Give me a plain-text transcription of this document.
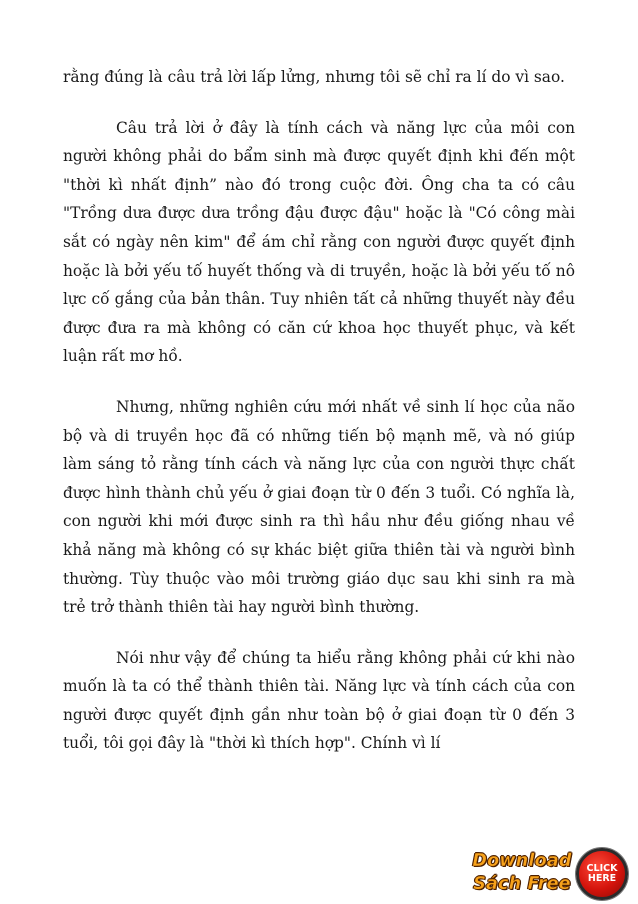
rằng đúng là câu trả lời lấp lửng, nhưng tôi sẽ chỉ ra lí do vì sao.

Câu trả lời ở đây là tính cách và năng lực của môi con người không phải do bẩm sinh mà được quyết định khi đến một "thời kì nhất định” nào đó trong cuộc đời. Ông cha ta có câu "Trồng dưa được dưa trồng đậu được đậu" hoặc là "Có công mài sắt có ngày nên kim" để ám chỉ rằng con người được quyết định hoặc là bởi yếu tố huyết thống và di truyền, hoặc là bởi yếu tố nô lực cố gắng của bản thân. Tuy nhiên tất cả những thuyết này đều được đưa ra mà không có căn cứ khoa học thuyết phục, và kết luận rất mơ hồ.

Nhưng, những nghiên cứu mới nhất về sinh lí học của não bộ và di truyền học đã có những tiến bộ mạnh mẽ, và nó giúp làm sáng tỏ rằng tính cách và năng lực của con người thực chất được hình thành chủ yếu ở giai đoạn từ 0 đến 3 tuổi. Có nghĩa là, con người khi mới được sinh ra thì hầu như đều giống nhau về khả năng mà không có sự khác biệt giữa thiên tài và người bình thường. Tùy thuộc vào môi trường giáo dục sau khi sinh ra mà trẻ trở thành thiên tài hay người bình thường.

Nói như vậy để chúng ta hiểu rằng không phải cứ khi nào muốn là ta có thể thành thiên tài. Năng lực và tính cách của con người được quyết định gần như toàn bộ ở giai đoạn từ 0 đến 3 tuổi, tôi gọi đây là "thời kì thích hợp". Chính vì lí

Download
Sách Free
CLICK
HERE
